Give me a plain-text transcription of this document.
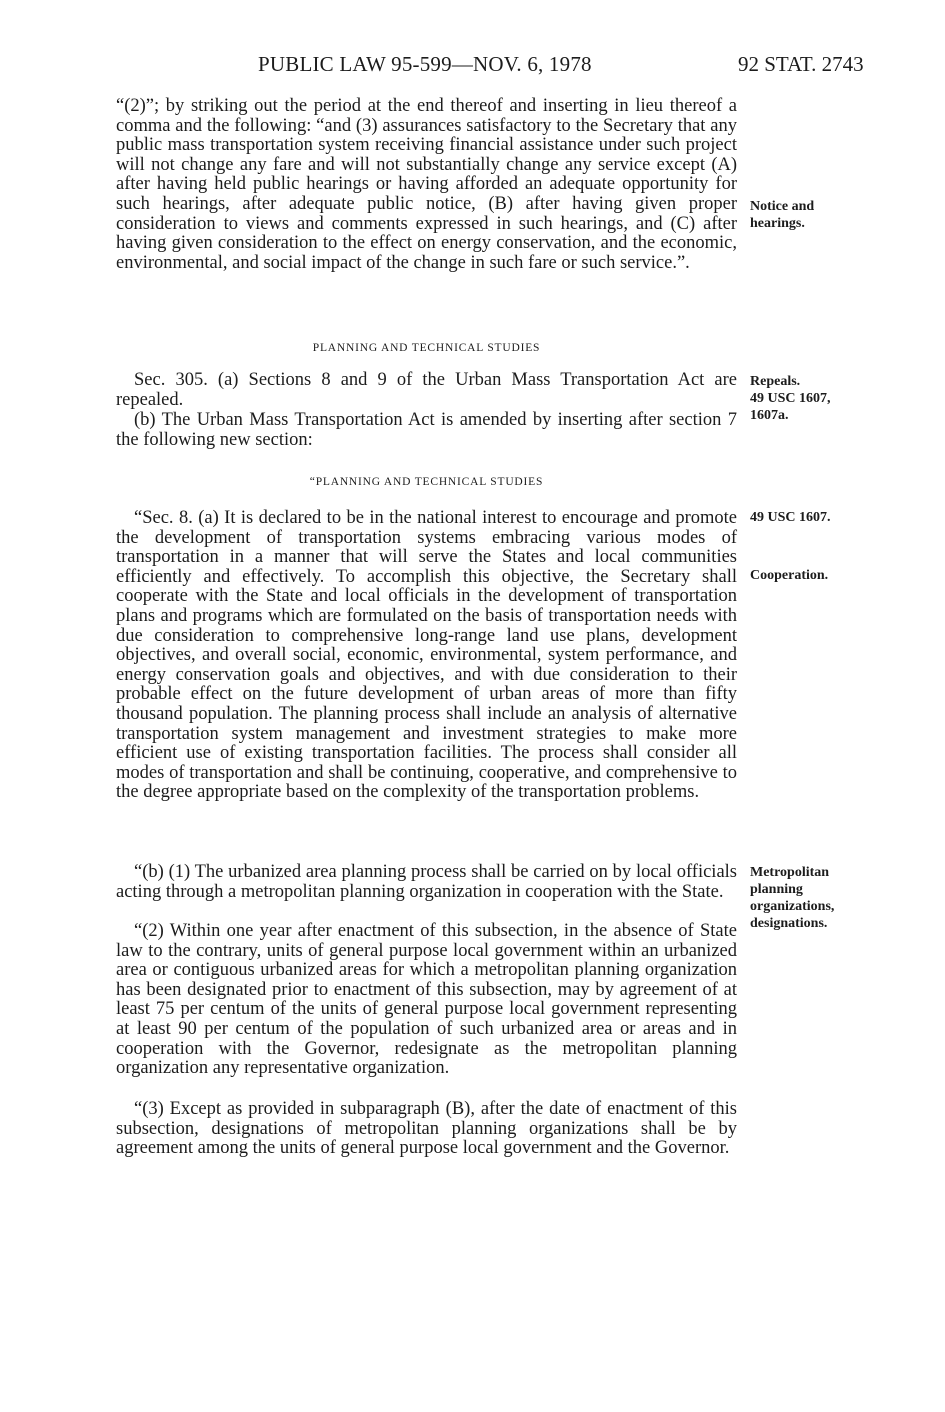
PUBLIC LAW 95-599—NOV. 6, 1978	92 STAT. 2743

“(2)”; by striking out the period at the end thereof and inserting in lieu thereof a comma and the following: “and (3) assurances satisfactory to the Secretary that any public mass transportation system receiving financial assistance under such project will not change any fare and will not substantially change any service except (A) after having held public hearings or having afforded an adequate opportunity for such hearings, after adequate public notice, (B) after having given proper consideration to views and comments expressed in such hearings, and (C) after having given consideration to the effect on energy conservation, and the economic, environmental, and social impact of the change in such fare or such service.”.

PLANNING AND TECHNICAL STUDIES

Sec. 305. (a) Sections 8 and 9 of the Urban Mass Transportation Act are repealed.

(b) The Urban Mass Transportation Act is amended by inserting after section 7 the following new section:

“PLANNING AND TECHNICAL STUDIES

“Sec. 8. (a) It is declared to be in the national interest to encourage and promote the development of transportation systems embracing various modes of transportation in a manner that will serve the States and local communities efficiently and effectively. To accomplish this objective, the Secretary shall cooperate with the State and local officials in the development of transportation plans and programs which are formulated on the basis of transportation needs with due consideration to comprehensive long-range land use plans, development objectives, and overall social, economic, environmental, system performance, and energy conservation goals and objectives, and with due consideration to their probable effect on the future development of urban areas of more than fifty thousand population. The planning process shall include an analysis of alternative transportation system management and investment strategies to make more efficient use of existing transportation facilities. The process shall consider all modes of transportation and shall be continuing, cooperative, and comprehensive to the degree appropriate based on the complexity of the transportation problems.

“(b) (1) The urbanized area planning process shall be carried on by local officials acting through a metropolitan planning organization in cooperation with the State.

“(2) Within one year after enactment of this subsection, in the absence of State law to the contrary, units of general purpose local government within an urbanized area or contiguous urbanized areas for which a metropolitan planning organization has been designated prior to enactment of this subsection, may by agreement of at least 75 per centum of the units of general purpose local government representing at least 90 per centum of the population of such urbanized area or areas and in cooperation with the Governor, redesignate as the metropolitan planning organization any representative organization.

“(3) Except as provided in subparagraph (B), after the date of enactment of this subsection, designations of metropolitan planning organizations shall be by agreement among the units of general purpose local government and the Governor.

Notice and
hearings.
Repeals.
49 USC 1607,
1607a.
49 USC 1607.
Cooperation.
Metropolitan
planning
organizations,
designations.
